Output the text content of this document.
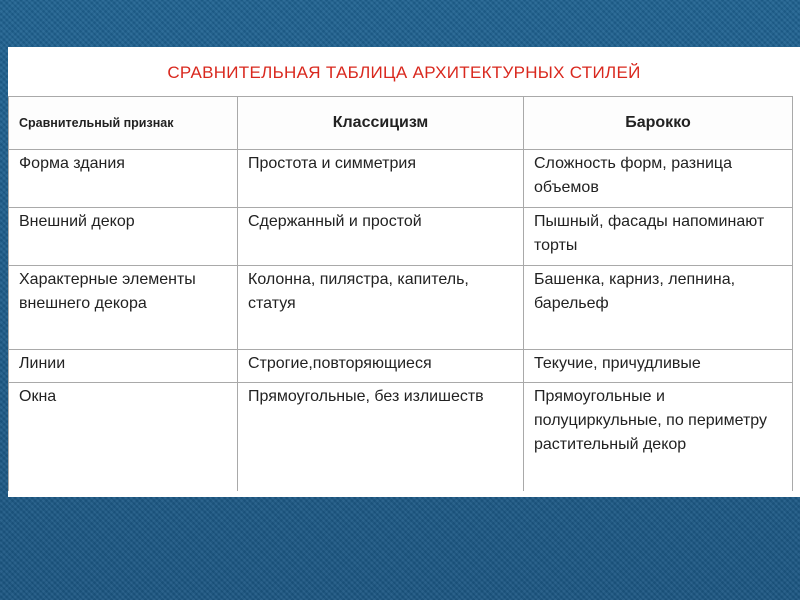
СРАВНИТЕЛЬНАЯ ТАБЛИЦА АРХИТЕКТУРНЫХ СТИЛЕЙ
Сравнительный признак	Классицизм	Барокко
Форма здания	Простота и симметрия	Сложность форм, разница объемов
Внешний декор	Сдержанный и простой	Пышный, фасады напоминают торты
Характерные элементы внешнего декора	Колонна, пилястра, капитель, статуя	Башенка, карниз, лепнина, барельеф
Линии	Строгие,повторяющиеся	Текучие, причудливые
Окна	Прямоугольные, без излишеств	Прямоугольные и полуциркульные, по периметру растительный декор
